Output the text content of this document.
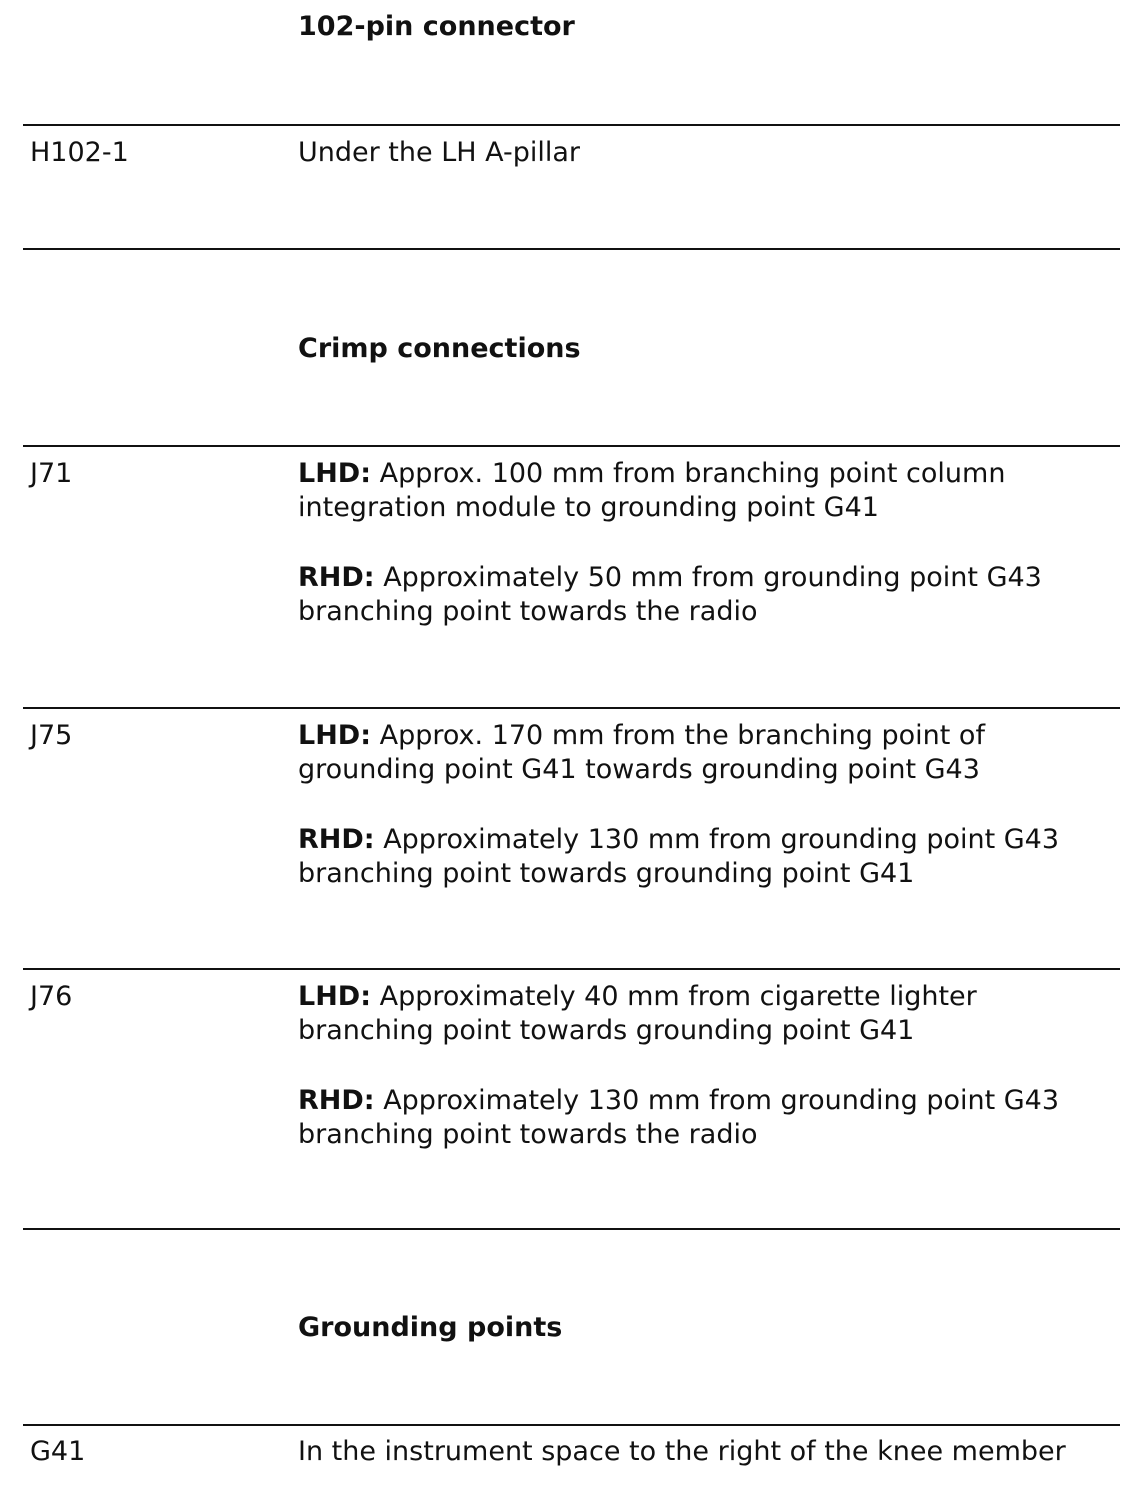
102-pin connector
H102-1	Under the LH A-pillar
Crimp connections
J71	LHD: Approx. 100 mm from branching point column integration module to grounding point G41

RHD: Approximately 50 mm from grounding point G43 branching point towards the radio

J75	LHD: Approx. 170 mm from the branching point of grounding point G41 towards grounding point G43

RHD: Approximately 130 mm from grounding point G43 branching point towards grounding point G41

J76	LHD: Approximately 40 mm from cigarette lighter branching point towards grounding point G41

RHD: Approximately 130 mm from grounding point G43 branching point towards the radio

Grounding points
G41	In the instrument space to the right of the knee member
